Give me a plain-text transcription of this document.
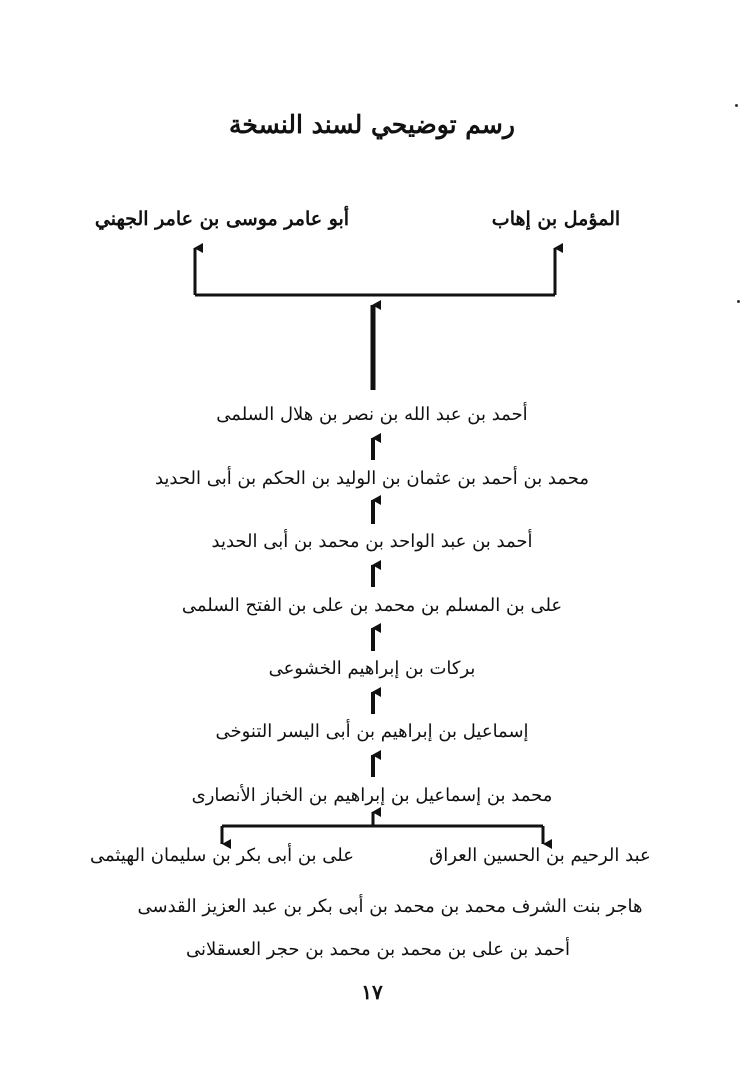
رسم توضيحي لسند النسخة
المؤمل بن إهاب
أبو عامر موسى بن عامر الجهني
أحمد بن عبد الله بن نصر بن هلال السلمى
محمد بن أحمد بن عثمان بن الوليد بن الحكم بن أبى الحديد
أحمد بن عبد الواحد بن محمد بن أبى الحديد
على بن المسلم بن محمد بن على بن الفتح السلمى
بركات بن إبراهيم الخشوعى
إسماعيل بن إبراهيم بن أبى اليسر التنوخى
محمد بن إسماعيل بن إبراهيم بن الخباز الأنصارى
عبد الرحيم بن الحسين العراق
على بن أبى بكر بن سليمان الهيثمى
هاجر بنت الشرف محمد بن محمد بن أبى بكر بن عبد العزيز القدسى
أحمد بن على بن محمد بن محمد بن حجر العسقلانى
١٧
